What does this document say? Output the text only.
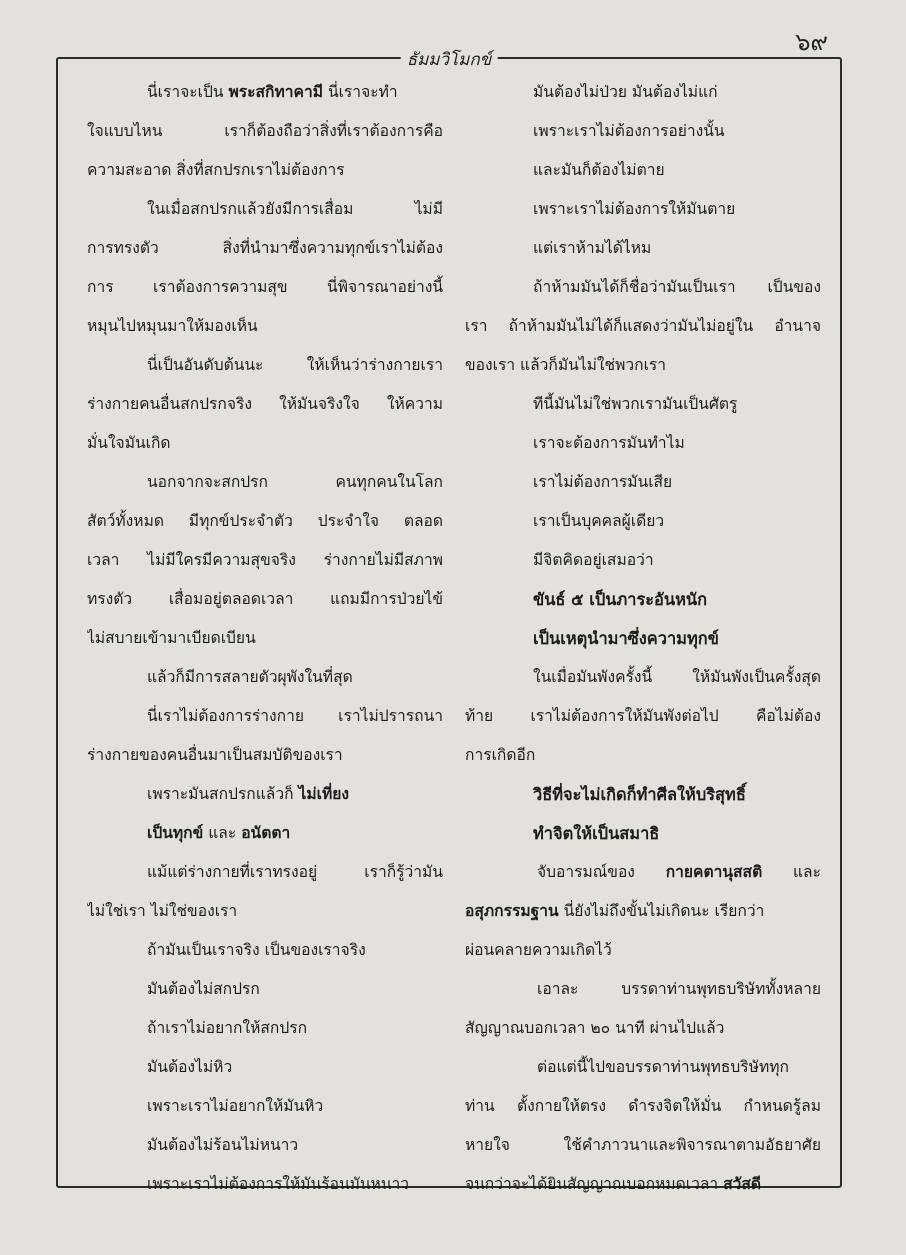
๖๙
ธัมมวิโมกข์
นี่เราจะเป็น พระสกิทาคามี นี่เราจะทำ
ใจแบบไหน เราก็ต้องถือว่าสิ่งที่เราต้องการคือ
ความสะอาด สิ่งที่สกปรกเราไม่ต้องการ
ในเมื่อสกปรกแล้วยังมีการเสื่อม ไม่มี
การทรงตัว สิ่งที่นำมาซึ่งความทุกข์เราไม่ต้อง
การ เราต้องการความสุข นี่พิจารณาอย่างนี้
หมุนไปหมุนมาให้มองเห็น
นี่เป็นอันดับต้นนะ ให้เห็นว่าร่างกายเรา
ร่างกายคนอื่นสกปรกจริง ให้มันจริงใจ ให้ความ
มั่นใจมันเกิด
นอกจากจะสกปรก คนทุกคนในโลก
สัตว์ทั้งหมด มีทุกข์ประจำตัว ประจำใจ ตลอด
เวลา ไม่มีใครมีความสุขจริง ร่างกายไม่มีสภาพ
ทรงตัว เสื่อมอยู่ตลอดเวลา แถมมีการป่วยไข้
ไม่สบายเข้ามาเบียดเบียน
แล้วก็มีการสลายตัวผุพังในที่สุด
นี่เราไม่ต้องการร่างกาย เราไม่ปรารถนา
ร่างกายของคนอื่นมาเป็นสมบัติของเรา
เพราะมันสกปรกแล้วก็ ไม่เที่ยง
เป็นทุกข์ และ อนัตตา
แม้แต่ร่างกายที่เราทรงอยู่ เราก็รู้ว่ามัน
ไม่ใช่เรา ไม่ใช่ของเรา
ถ้ามันเป็นเราจริง เป็นของเราจริง
มันต้องไม่สกปรก
ถ้าเราไม่อยากให้สกปรก
มันต้องไม่หิว
เพราะเราไม่อยากให้มันหิว
มันต้องไม่ร้อนไม่หนาว
เพราะเราไม่ต้องการให้มันร้อนมันหนาว
มันต้องไม่ป่วย มันต้องไม่แก่
เพราะเราไม่ต้องการอย่างนั้น
และมันก็ต้องไม่ตาย
เพราะเราไม่ต้องการให้มันตาย
แต่เราห้ามได้ไหม
ถ้าห้ามมันได้ก็ชื่อว่ามันเป็นเรา เป็นของ
เรา ถ้าห้ามมันไม่ได้ก็แสดงว่ามันไม่อยู่ใน อำนาจ
ของเรา แล้วก็มันไม่ใช่พวกเรา
ทีนี้มันไม่ใช่พวกเรามันเป็นศัตรู
เราจะต้องการมันทำไม
เราไม่ต้องการมันเสีย
เราเป็นบุคคลผู้เดียว
มีจิตคิดอยู่เสมอว่า
ขันธ์ ๕ เป็นภาระอันหนัก
เป็นเหตุนำมาซึ่งความทุกข์
ในเมื่อมันพังครั้งนี้ ให้มันพังเป็นครั้งสุด
ท้าย เราไม่ต้องการให้มันพังต่อไป คือไม่ต้อง
การเกิดอีก
วิธีที่จะไม่เกิดก็ทำศีลให้บริสุทธิ์
ทำจิตให้เป็นสมาธิ
จับอารมณ์ของ กายคตานุสสติ และ
อสุภกรรมฐาน นี่ยังไม่ถึงขั้นไม่เกิดนะ เรียกว่า
ผ่อนคลายความเกิดไว้
เอาละ บรรดาท่านพุทธบริษัททั้งหลาย
สัญญาณบอกเวลา ๒๐ นาที ผ่านไปแล้ว
ต่อแต่นี้ไปขอบรรดาท่านพุทธบริษัททุก
ท่าน ตั้งกายให้ตรง ดำรงจิตให้มั่น กำหนดรู้ลม
หายใจ ใช้คำภาวนาและพิจารณาตามอัธยาศัย
จนกว่าจะได้ยินสัญญาณบอกหมดเวลา สวัสดี
